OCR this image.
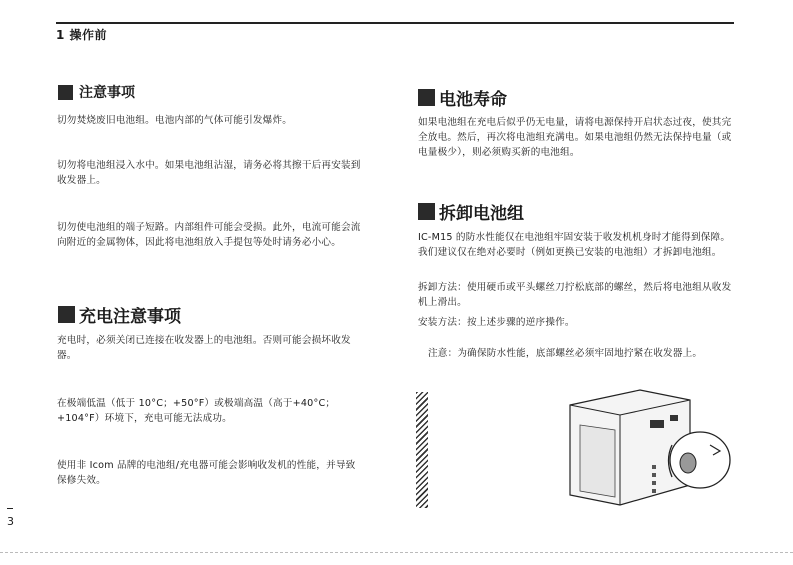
1 操作前
注意事项
切勿焚烧废旧电池组。电池内部的气体可能引发爆炸。
切勿将电池组浸入水中。如果电池组沾湿，请务必将其擦干后再安装到收发器上。
切勿使电池组的端子短路。内部组件可能会受损。此外，电流可能会流向附近的金属物体，因此将电池组放入手提包等处时请务必小心。
充电注意事项
充电时，必须关闭已连接在收发器上的电池组。否则可能会损坏收发器。
在极端低温（低于 10°C；+50°F）或极端高温（高于+40°C；+104°F）环境下，充电可能无法成功。
使用非 Icom 品牌的电池组/充电器可能会影响收发机的性能，并导致保修失效。
3
电池寿命
如果电池组在充电后似乎仍无电量，请将电源保持开启状态过夜，使其完全放电。然后，再次将电池组充满电。如果电池组仍然无法保持电量（或电量极少），则必须购买新的电池组。
拆卸电池组
IC-M15 的防水性能仅在电池组牢固安装于收发机机身时才能得到保障。我们建议仅在绝对必要时（例如更换已安装的电池组）才拆卸电池组。
拆卸方法：使用硬币或平头螺丝刀拧松底部的螺丝，然后将电池组从收发机上滑出。
安装方法：按上述步骤的逆序操作。
注意：为确保防水性能，底部螺丝必须牢固地拧紧在收发器上。
